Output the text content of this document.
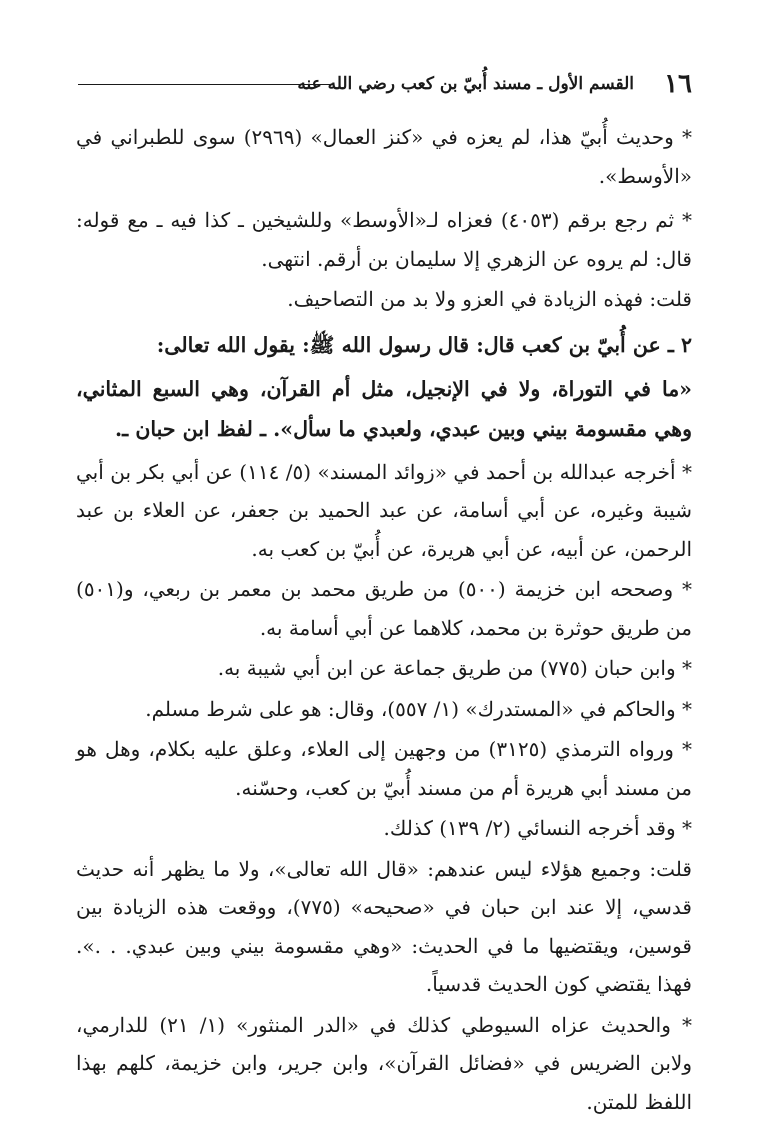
١٦
القسم الأول ـ مسند أُبيّ بن كعب رضي الله عنه

* وحديث أُبيّ هذا، لم يعزه في «كنز العمال» (٢٩٦٩) سوى للطبراني في «الأوسط».

* ثم رجع برقم (٤٠٥٣) فعزاه لـ«الأوسط» وللشيخين ـ كذا فيه ـ مع قوله: قال: لم يروه عن الزهري إلا سليمان بن أرقم. انتهى.

قلت: فهذه الزيادة في العزو ولا بد من التصاحيف.

٢ ـ عن أُبيّ بن كعب قال: قال رسول الله ﷺ: يقول الله تعالى:

«ما في التوراة، ولا في الإنجيل، مثل أم القرآن، وهي السبع المثاني، وهي مقسومة بيني وبين عبدي، ولعبدي ما سأل». ـ لفظ ابن حبان ـ.

* أخرجه عبدالله بن أحمد في «زوائد المسند» (٥/ ١١٤) عن أبي بكر بن أبي شيبة وغيره، عن أبي أسامة، عن عبد الحميد بن جعفر، عن العلاء بن عبد الرحمن، عن أبيه، عن أبي هريرة، عن أُبيّ بن كعب به.

* وصححه ابن خزيمة (٥٠٠) من طريق محمد بن معمر بن ربعي، و(٥٠١) من طريق حوثرة بن محمد، كلاهما عن أبي أسامة به.

* وابن حبان (٧٧٥) من طريق جماعة عن ابن أبي شيبة به.

* والحاكم في «المستدرك» (١/ ٥٥٧)، وقال: هو على شرط مسلم.

* ورواه الترمذي (٣١٢٥) من وجهين إلى العلاء، وعلق عليه بكلام، وهل هو من مسند أبي هريرة أم من مسند أُبيّ بن كعب، وحسّنه.

* وقد أخرجه النسائي (٢/ ١٣٩) كذلك.

قلت: وجميع هؤلاء ليس عندهم: «قال الله تعالى»، ولا ما يظهر أنه حديث قدسي، إلا عند ابن حبان في «صحيحه» (٧٧٥)، ووقعت هذه الزيادة بين قوسين، ويقتضيها ما في الحديث: «وهي مقسومة بيني وبين عبدي. . .». فهذا يقتضي كون الحديث قدسياً.

* والحديث عزاه السيوطي كذلك في «الدر المنثور» (١/ ٢١) للدارمي، ولابن الضريس في «فضائل القرآن»، وابن جرير، وابن خزيمة، كلهم بهذا اللفظ للمتن.
